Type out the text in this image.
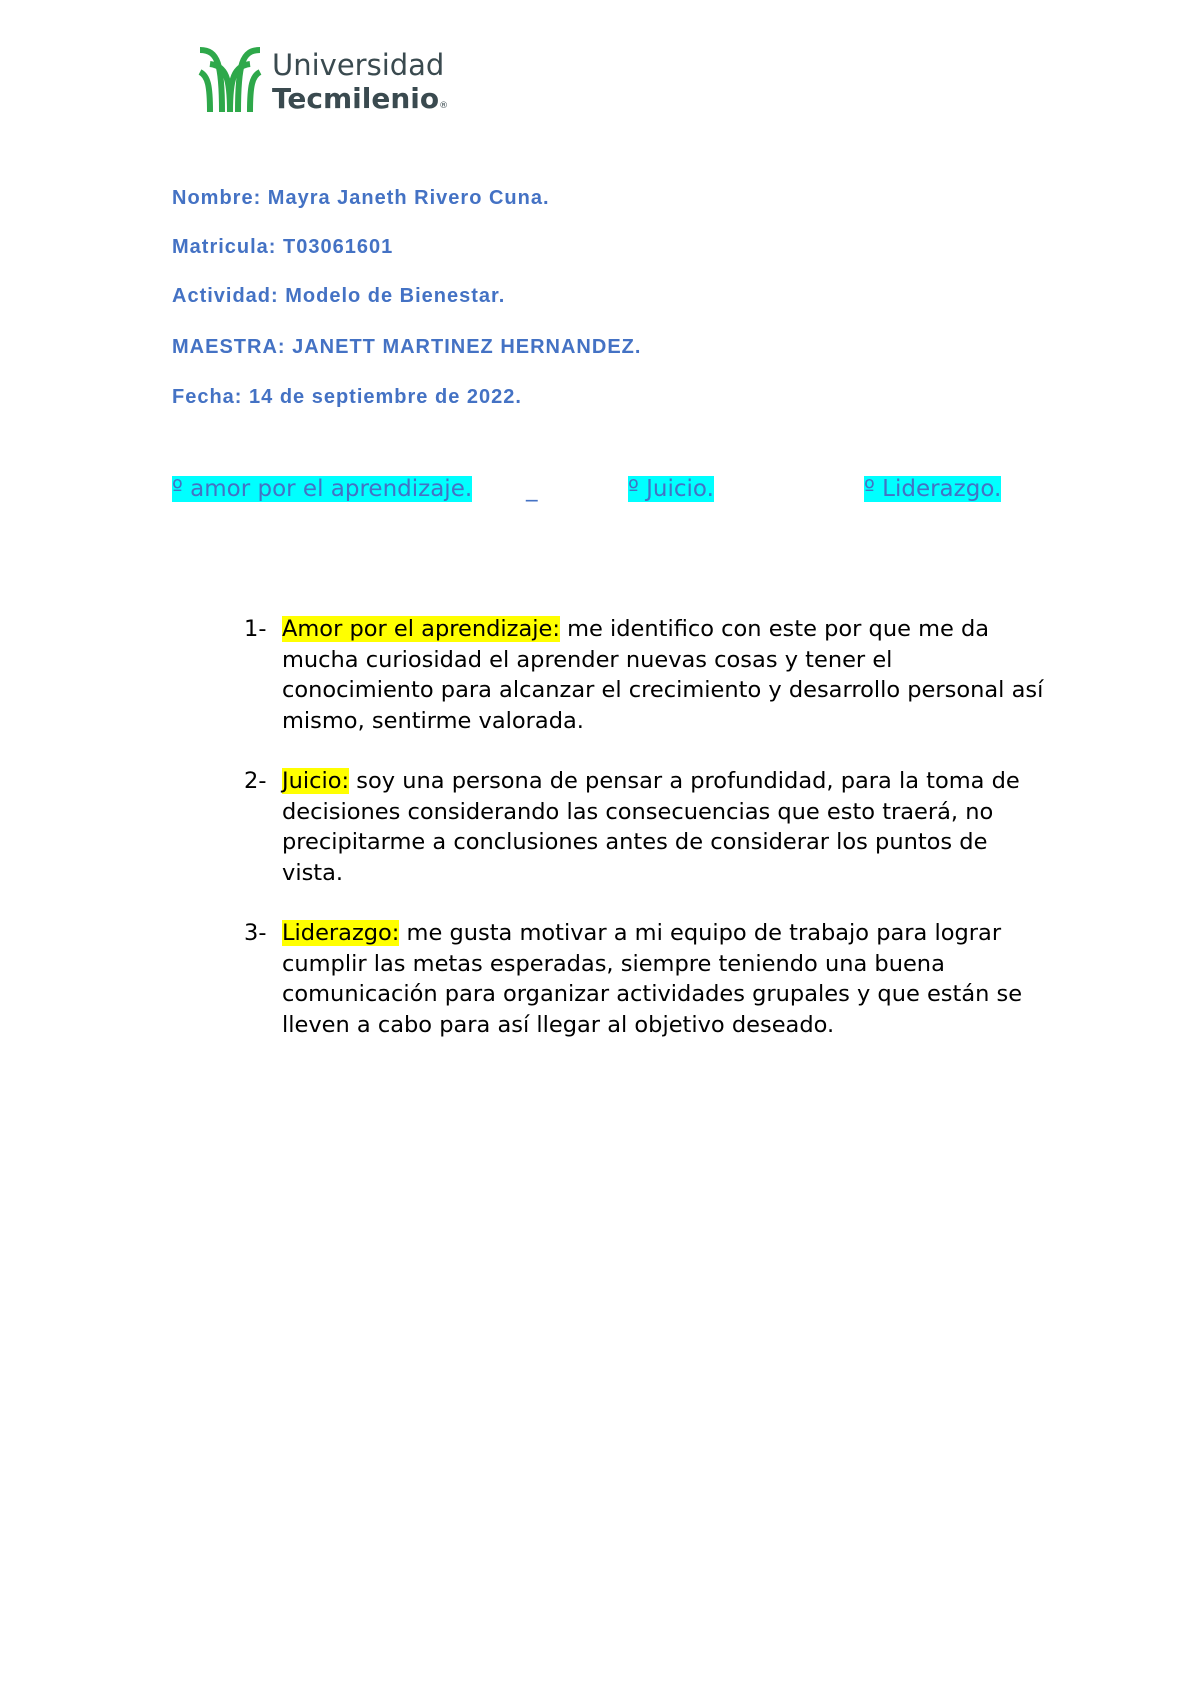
Universidad
Tecmilenio®
Nombre: Mayra Janeth Rivero Cuna.
Matricula: T03061601
Actividad: Modelo de Bienestar.
MAESTRA: JANETT MARTINEZ HERNANDEZ.
Fecha: 14 de septiembre de 2022.
º amor por el aprendizaje. _	º Juicio.	º Liderazgo.
1- Amor por el aprendizaje: me identifico con este por que me da mucha curiosidad el aprender nuevas cosas y tener el conocimiento para alcanzar el crecimiento y desarrollo personal así mismo, sentirme valorada.
2- Juicio: soy una persona de pensar a profundidad, para la toma de decisiones considerando las consecuencias que esto traerá, no precipitarme a conclusiones antes de considerar los puntos de vista.
3- Liderazgo: me gusta motivar a mi equipo de trabajo para lograr cumplir las metas esperadas, siempre teniendo una buena comunicación para organizar actividades grupales y que están se lleven a cabo para así llegar al objetivo deseado.
